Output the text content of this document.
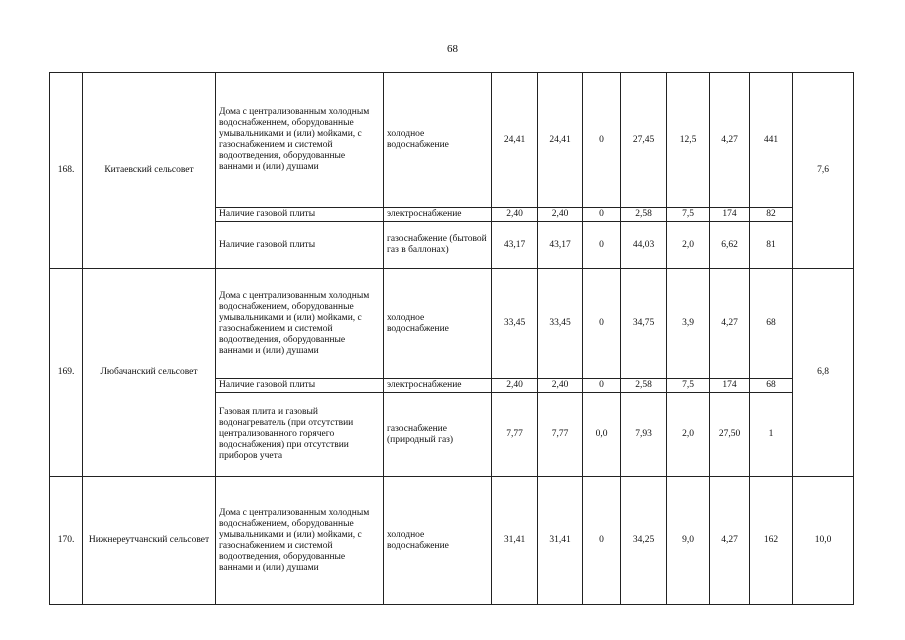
68
168.	Китаевский сельсовет	Дома с централизованным холодным водоснабженнем, оборудованные умывальниками и (или) мойками, с газоснабжением и системой водоотведения, оборудованные ваннами и (или) душами	холодное водоснабжение	24,41	24,41	0	27,45	12,5	4,27	441	7,6
		Наличие газовой плиты	электроснабжение	2,40	2,40	0	2,58	7,5	174	82	
		Наличие газовой плиты	газоснабжение (бытовой газ в баллонах)	43,17	43,17	0	44,03	2,0	6,62	81	
169.	Любачанский сельсовет	Дома с централизованным холодным водоснабжением, оборудованные умывальниками и (или) мойками, с газоснабжением и системой водоотведения, оборудованные ваннами и (или) душами	холодное водоснабжение	33,45	33,45	0	34,75	3,9	4,27	68	6,8
		Наличие газовой плиты	электроснабжение	2,40	2,40	0	2,58	7,5	174	68	
		Газовая плита и газовый водонагреватель (при отсутствии централизованного горячего водоснабжения) при отсутствии приборов учета	газоснабжение (природный газ)	7,77	7,77	0,0	7,93	2,0	27,50	1	
170.	Нижнереутчанский сельсовет	Дома с централизованным холодным водоснабжением, оборудованные умывальниками и (или) мойками, с газоснабжением и системой водоотведения, оборудованные ваннами и (или) душами	холодное водоснабжение	31,41	31,41	0	34,25	9,0	4,27	162	10,0
